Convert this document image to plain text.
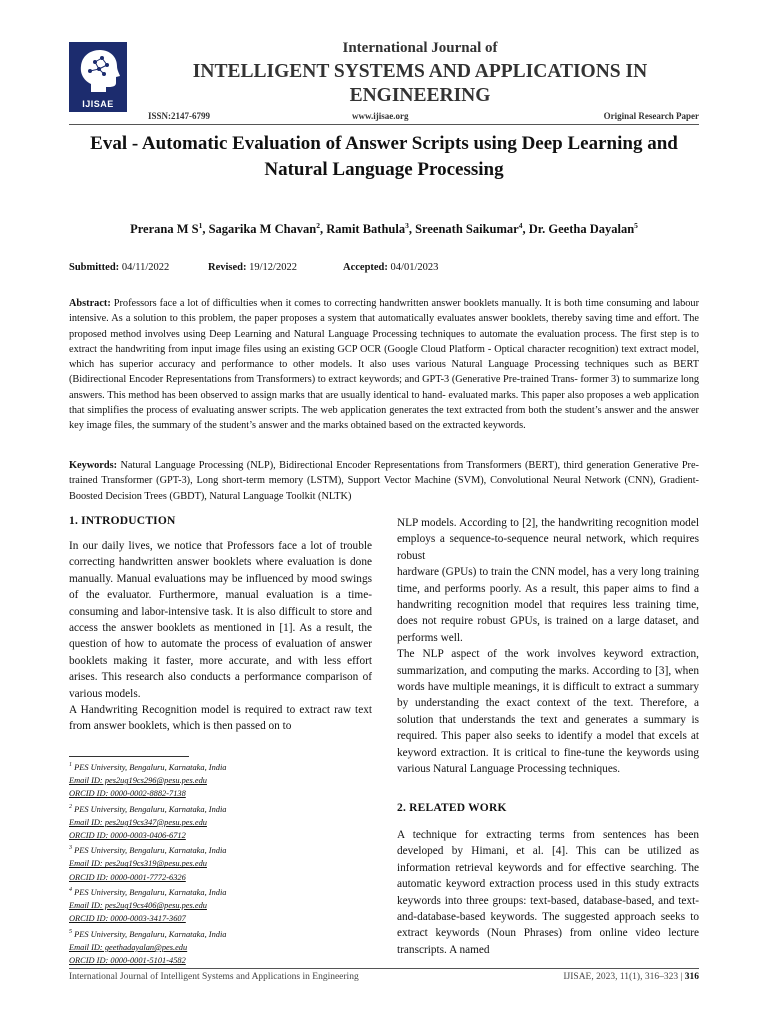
IJISAE
International Journal of
INTELLIGENT SYSTEMS AND APPLICATIONS IN ENGINEERING
ISSN:2147-6799	www.ijisae.org	Original Research Paper
Eval - Automatic Evaluation of Answer Scripts using Deep Learning and Natural Language Processing
Prerana M $S^1$, Sagarika M Chavan$^2$, Ramit Bathula$^3$, Sreenath Saikumar$^4$, Dr. Geetha Dayalan$^5$
Submitted: 04/11/2022	Revised: 19/12/2022	Accepted: 04/01/2023
Abstract: Professors face a lot of difficulties when it comes to correcting handwritten answer booklets manually. It is both time consuming and labour intensive. As a solution to this problem, the paper proposes a system that automatically evaluates answer booklets, thereby saving time and effort. The proposed method involves using Deep Learning and Natural Language Processing techniques to automate the evaluation process. The first step is to extract the handwriting from input image files using an existing GCP OCR (Google Cloud Platform - Optical character recognition) text extract model, which has superior accuracy and performance to other models. It also uses various Natural Language Processing techniques such as BERT (Bidirectional Encoder Representations from Transformers) to extract keywords; and GPT-3 (Generative Pre-trained Trans- former 3) to summarize long answers. This method has been observed to assign marks that are usually identical to hand- evaluated marks. This paper also proposes a web application that simplifies the process of evaluating answer scripts. The web application generates the text extracted from both the student’s answer and the answer key image files, the summary of the student’s answer and the marks obtained based on the extracted keywords.
Keywords: Natural Language Processing (NLP), Bidirectional Encoder Representations from Transformers (BERT), third generation Generative Pre-trained Transformer (GPT-3), Long short-term memory (LSTM), Support Vector Machine (SVM), Convolutional Neural Network (CNN), Gradient-Boosted Decision Trees (GBDT), Natural Language Toolkit (NLTK)
1. INTRODUCTION
In our daily lives, we notice that Professors face a lot of trouble correcting handwritten answer booklets where evaluation is done manually. Manual evaluations may be influenced by mood swings of the evaluator. Furthermore, manual evaluation is a time-consuming and labor-intensive task. It is also difficult to store and access the answer booklets as mentioned in [1]. As a result, the question of how to automate the process of evaluation of answer booklets making it faster, more accurate, and with less effort arises. This research also conducts a performance comparison of various models.
A Handwriting Recognition model is required to extract raw text from answer booklets, which is then passed on to
$^1$ PES University, Bengaluru, Karnataka, India
Email ID: pes2ug19cs296@pesu.pes.edu
ORCID ID: 0000-0002-8882-7138
$^2$ PES University, Bengaluru, Karnataka, India
Email ID: pes2ug19cs347@pesu.pes.edu
ORCID ID: 0000-0003-0406-6712
$^3$ PES University, Bengaluru, Karnataka, India
Email ID: pes2ug19cs319@pesu.pes.edu
ORCID ID: 0000-0001-7772-6326
$^4$ PES University, Bengaluru, Karnataka, India
Email ID: pes2ug19cs406@pesu.pes.edu
ORCID ID: 0000-0003-3417-3607
$^5$ PES University, Bengaluru, Karnataka, India
Email ID: geethadayalan@pes.edu
ORCID ID: 0000-0001-5101-4582
NLP models. According to [2], the handwriting recognition model employs a sequence-to-sequence neural network, which requires robust
hardware (GPUs) to train the CNN model, has a very long training time, and performs poorly. As a result, this paper aims to find a handwriting recognition model that requires less training time, does not require robust GPUs, is trained on a large dataset, and performs well.
The NLP aspect of the work involves keyword extraction, summarization, and computing the marks. According to [3], when words have multiple meanings, it is difficult to extract a summary by understanding the exact context of the text. Therefore, a solution that understands the text and generates a summary is required. This paper also seeks to identify a model that excels at keyword extraction. It is critical to fine-tune the keywords using various Natural Language Processing techniques.
2. RELATED WORK
A technique for extracting terms from sentences has been developed by Himani, et al. [4]. This can be utilized as information retrieval keywords and for effective searching. The automatic keyword extraction process used in this study extracts keywords into three groups: text-based, database-based, and text-and-database-based keywords. The suggested approach seeks to extract keywords (Noun Phrases) from online video lecture transcripts. A named
International Journal of Intelligent Systems and Applications in Engineering	IJISAE, 2023, 11(1), 316–323 | 316
